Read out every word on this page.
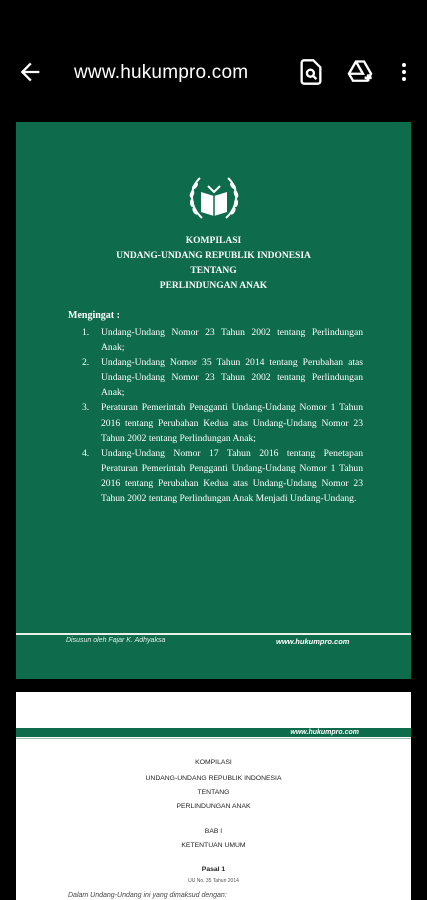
www.hukumpro.com
KOMPILASI
UNDANG-UNDANG REPUBLIK INDONESIA
TENTANG
PERLINDUNGAN ANAK
Mengingat :
1. Undang-Undang Nomor 23 Tahun 2002 tentang Perlindungan Anak;
2. Undang-Undang Nomor 35 Tahun 2014 tentang Perubahan atas Undang-Undang Nomor 23 Tahun 2002 tentang Perlindungan Anak;
3. Peraturan Pemerintah Pengganti Undang-Undang Nomor 1 Tahun 2016 tentang Perubahan Kedua atas Undang-Undang Nomor 23 Tahun 2002 tentang Perlindungan Anak;
4. Undang-Undang Nomor 17 Tahun 2016 tentang Penetapan Peraturan Pemerintah Pengganti Undang-Undang Nomor 1 Tahun 2016 tentang Perubahan Kedua atas Undang-Undang Nomor 23 Tahun 2002 tentang Perlindungan Anak Menjadi Undang-Undang.
Disusun oleh Fajar K. Adhyaksa	www.hukumpro.com
www.hukumpro.com
KOMPILASI
UNDANG-UNDANG REPUBLIK INDONESIA
TENTANG
PERLINDUNGAN ANAK
BAB I
KETENTUAN UMUM
Pasal 1
UU No. 35 Tahun 2014
Dalam Undang-Undang ini yang dimaksud dengan:
